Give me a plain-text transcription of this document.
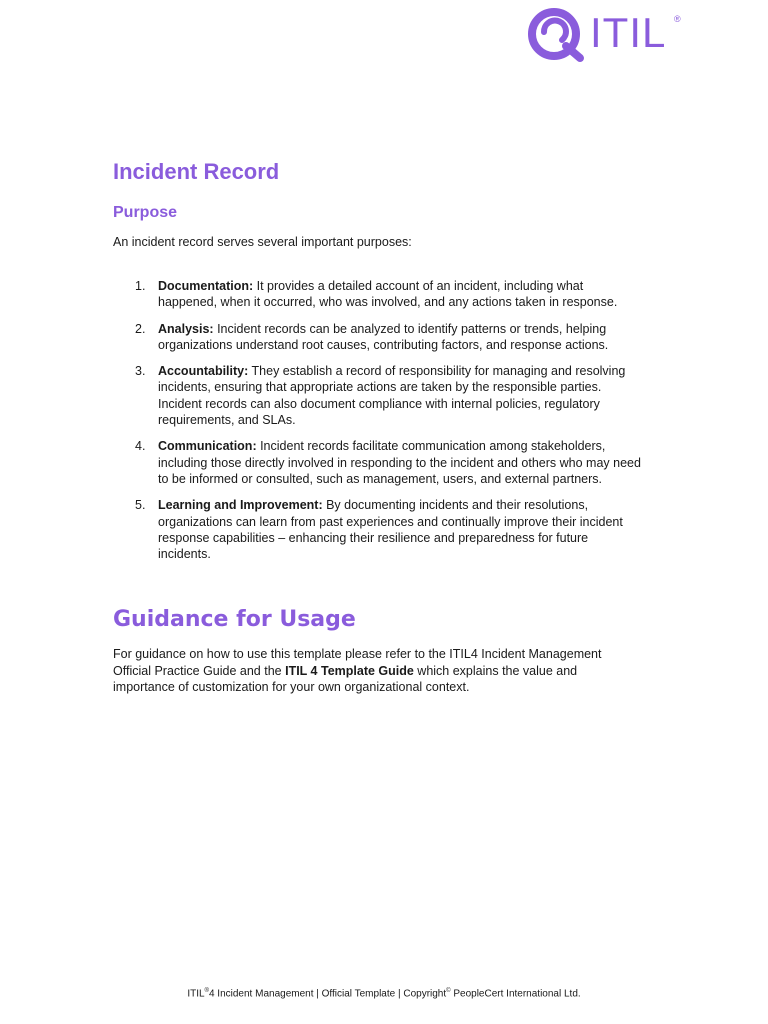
ITIL ®
Incident Record
Purpose

An incident record serves several important purposes:

1. Documentation: It provides a detailed account of an incident, including what happened, when it occurred, who was involved, and any actions taken in response.
2. Analysis: Incident records can be analyzed to identify patterns or trends, helping organizations understand root causes, contributing factors, and response actions.
3. Accountability: They establish a record of responsibility for managing and resolving incidents, ensuring that appropriate actions are taken by the responsible parties. Incident records can also document compliance with internal policies, regulatory requirements, and SLAs.
4. Communication: Incident records facilitate communication among stakeholders, including those directly involved in responding to the incident and others who may need to be informed or consulted, such as management, users, and external partners.
5. Learning and Improvement: By documenting incidents and their resolutions, organizations can learn from past experiences and continually improve their incident response capabilities – enhancing their resilience and preparedness for future incidents.
Guidance for Usage

For guidance on how to use this template please refer to the ITIL4 Incident Management Official Practice Guide and the ITIL 4 Template Guide which explains the value and importance of customization for your own organizational context.

ITIL®4 Incident Management | Official Template | Copyright© PeopleCert International Ltd.
